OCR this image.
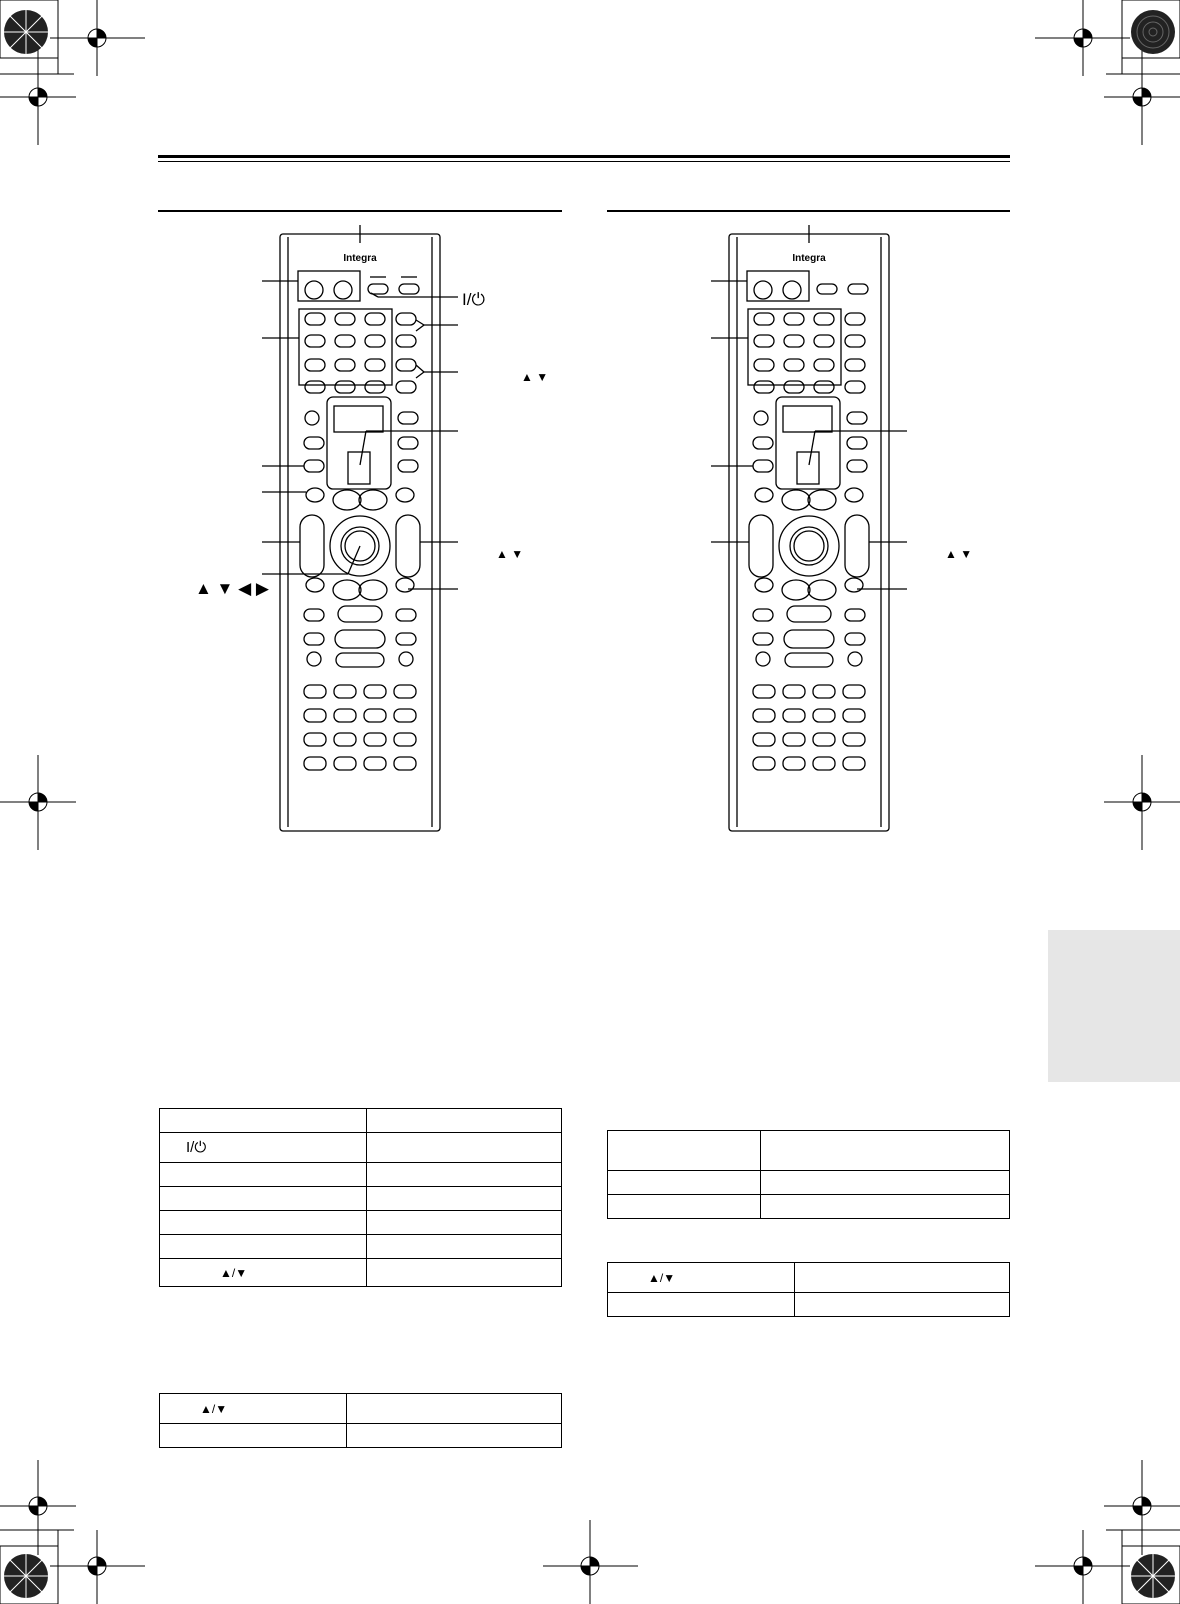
Integra	Integra
I/⏻
▲ ▼
▲ ▼ ◀ ▶
▲ ▼	▲ ▼

I/⏻	

▲/▼	
▲/▼	

▲/▼	
